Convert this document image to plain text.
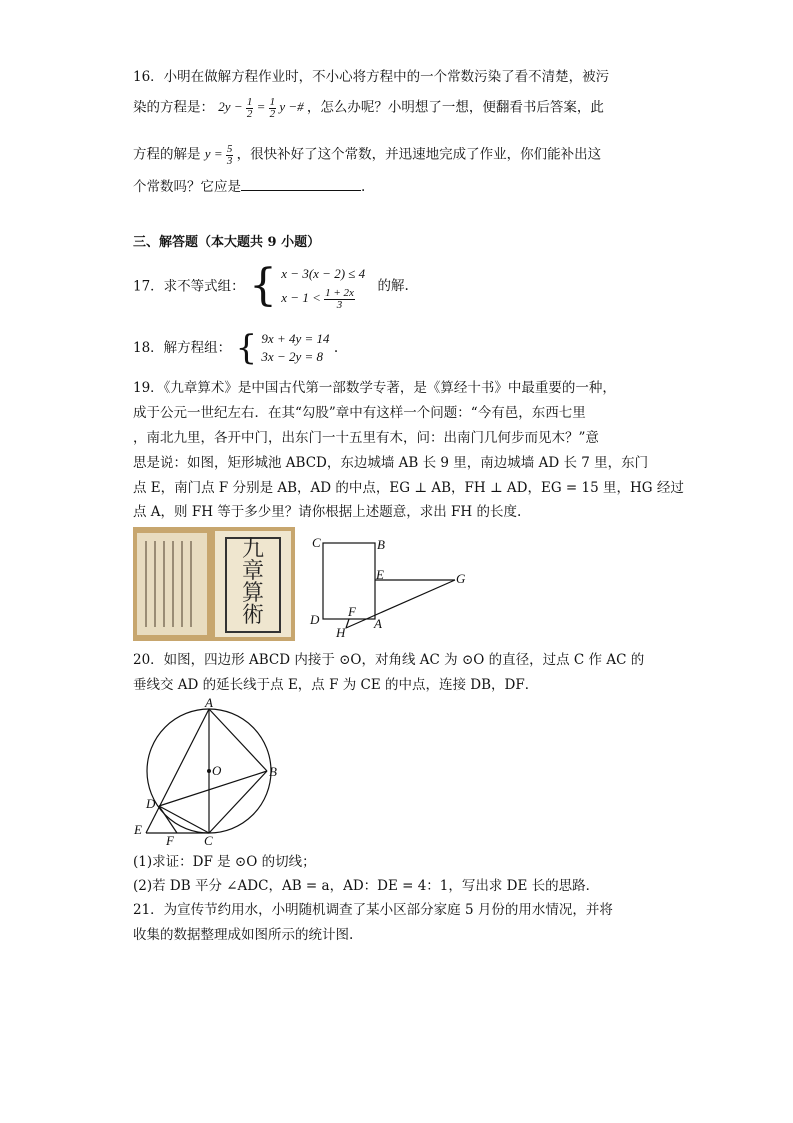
16．小明在做解方程作业时，不小心将方程中的一个常数污染了看不清楚，被污
染的方程是： $2y - \frac{1}{2} = \frac{1}{2}$ y −# ，怎么办呢？小明想了一想，便翻看书后答案，此
方程的解是 $y = \frac{5}{3}$ ，很快补好了这个常数，并迅速地完成了作业，你们能补出这
个常数吗？它应是	.
三、解答题（本大题共 9 小题）
17．求不等式组： { x − 3(x − 2) ≤ 4
$x - 1 < \frac{1 + 2x}{3}$
的解.
18．解方程组： { 9x + 4y = 14
3x − 2y = 8
.
19．《九章算术》是中国古代第一部数学专著，是《算经十书》中最重要的一种，
成于公元一世纪左右．在其“勾股”章中有这样一个问题：“今有邑，东西七里
，南北九里，各开中门，出东门一十五里有木，问：出南门几何步而见木？”意
思是说：如图，矩形城池 ABCD，东边城墙 AB 长 9 里，南边城墙 AD 长 7 里，东门
点 E，南门点 F 分别是 AB，AD 的中点，EG ⊥ AB，FH ⊥ AD，EG = 15 里，HG 经过
点 A，则 FH 等于多少里？请你根据上述题意，求出 FH 的长度.
九章算術
C	B
E	G
D
F
H
A
20．如图，四边形 ABCD 内接于 ⊙O，对角线 AC 为 ⊙O 的直径，过点 C 作 AC 的
垂线交 AD 的延长线于点 E，点 F 为 CE 的中点，连接 DB，DF．
A
O	B
D
E
F C
(1)求证：DF 是 ⊙O 的切线；
(2)若 DB 平分 ∠ADC，AB = a，AD：DE = 4：1，写出求 DE 长的思路．
21．为宣传节约用水，小明随机调查了某小区部分家庭 5 月份的用水情况，并将
收集的数据整理成如图所示的统计图.
